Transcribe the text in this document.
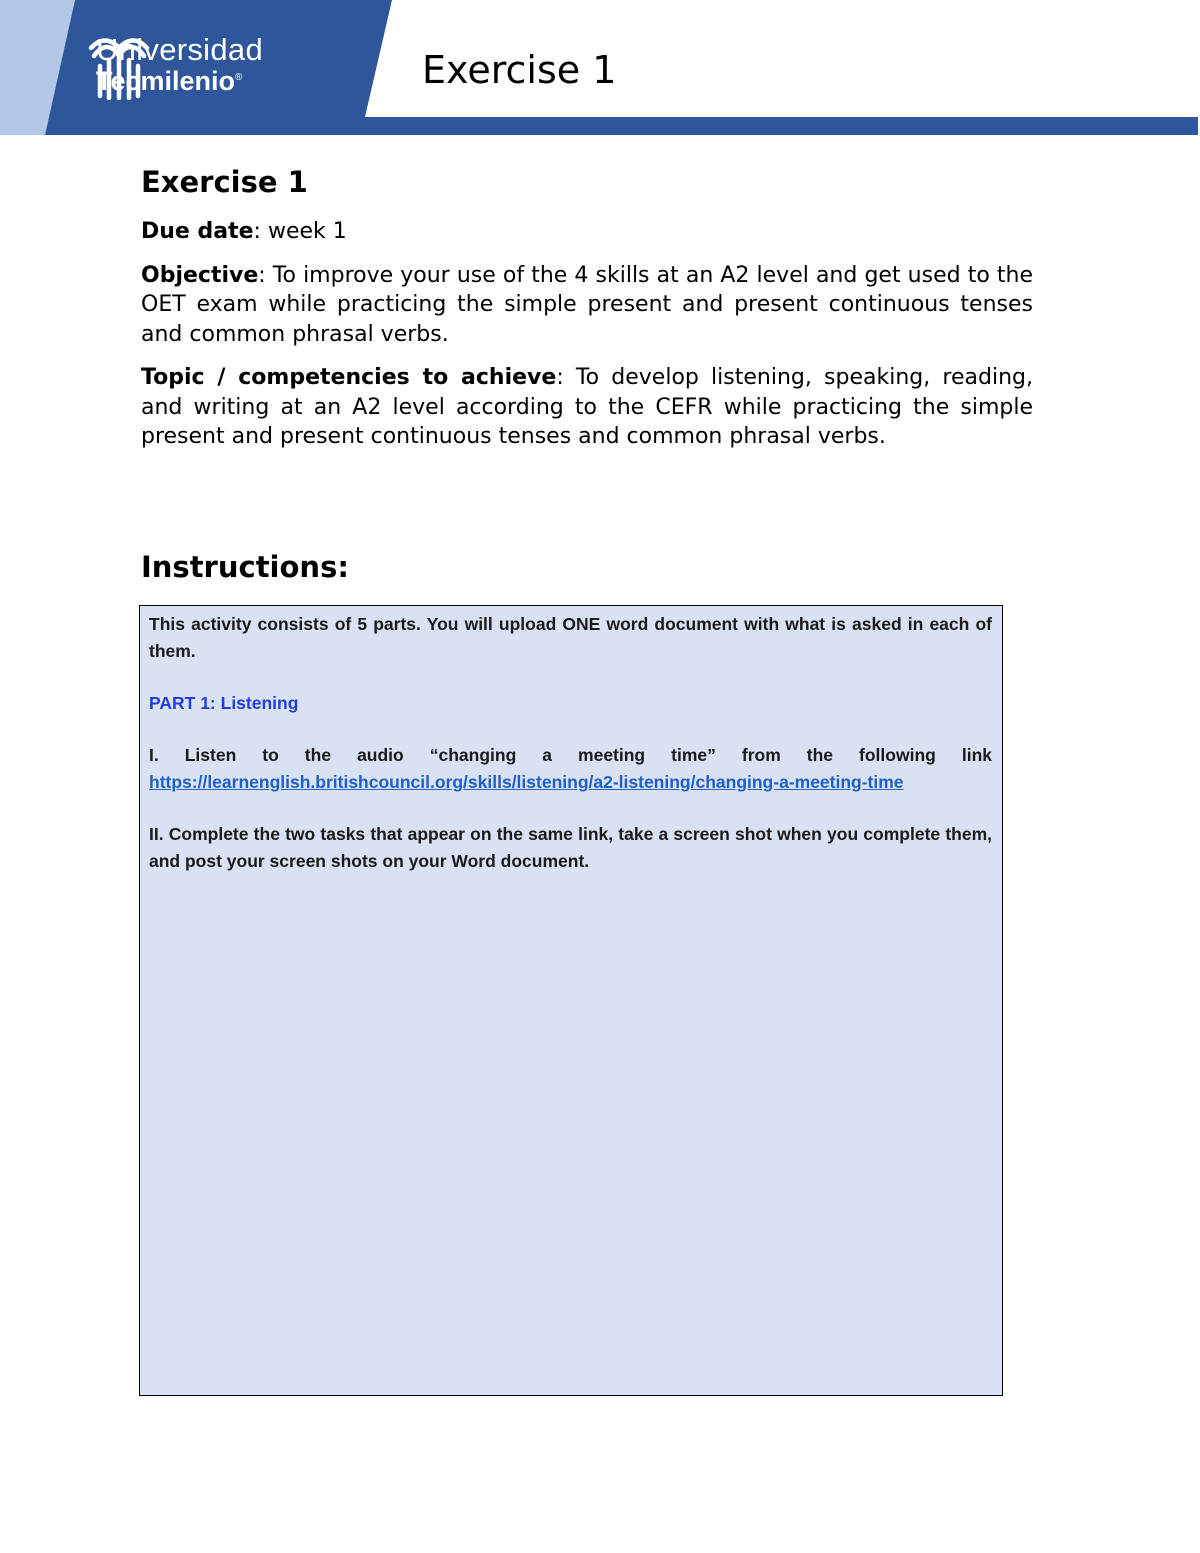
Universidad
Tecmilenio®	Exercise 1
Exercise 1

Due date: week 1

Objective: To improve your use of the 4 skills at an A2 level and get used to the OET exam while practicing the simple present and present continuous tenses and common phrasal verbs.

Topic / competencies to achieve: To develop listening, speaking, reading, and writing at an A2 level according to the CEFR while practicing the simple present and present continuous tenses and common phrasal verbs.

Instructions:

This activity consists of 5 parts. You will upload ONE word document with what is asked in each of them.

PART 1: Listening

I. Listen to the audio “changing a meeting time” from the following link https://learnenglish.britishcouncil.org/skills/listening/a2-listening/changing-a-meeting-time

II. Complete the two tasks that appear on the same link, take a screen shot when you complete them, and post your screen shots on your Word document.
